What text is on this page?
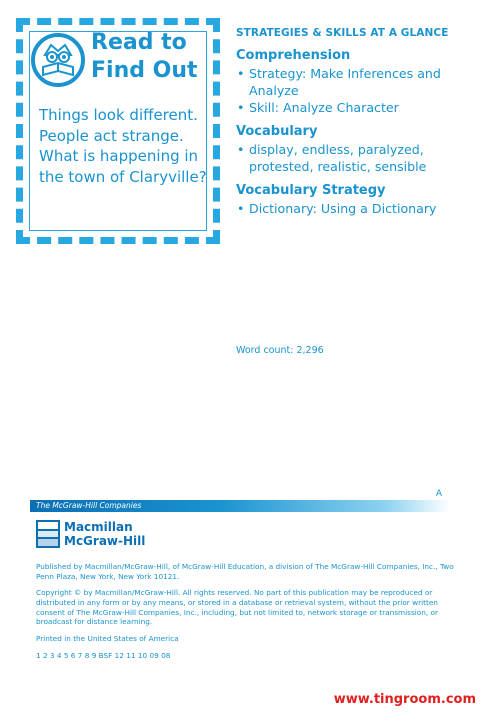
Read to
Find Out

Things look different. People act strange. What is happening in the town of Claryville?

STRATEGIES & SKILLS AT A GLANCE
Comprehension
• Strategy: Make Inferences and Analyze
• Skill: Analyze Character
Vocabulary
• display, endless, paralyzed, protested, realistic, sensible
Vocabulary Strategy
• Dictionary: Using a Dictionary
Word count: 2,296
A
The McGraw-Hill Companies
Macmillan
McGraw-Hill

Published by Macmillan/McGraw-Hill, of McGraw-Hill Education, a division of The McGraw-Hill Companies, Inc., Two Penn Plaza, New York, New York 10121.

Copyright © by Macmillan/McGraw-Hill. All rights reserved. No part of this publication may be reproduced or distributed in any form or by any means, or stored in a database or retrieval system, without the prior written consent of The McGraw-Hill Companies, Inc., including, but not limited to, network storage or transmission, or broadcast for distance learning.

Printed in the United States of America

1 2 3 4 5 6 7 8 9 BSF 12 11 10 09 08

www.tingroom.com
